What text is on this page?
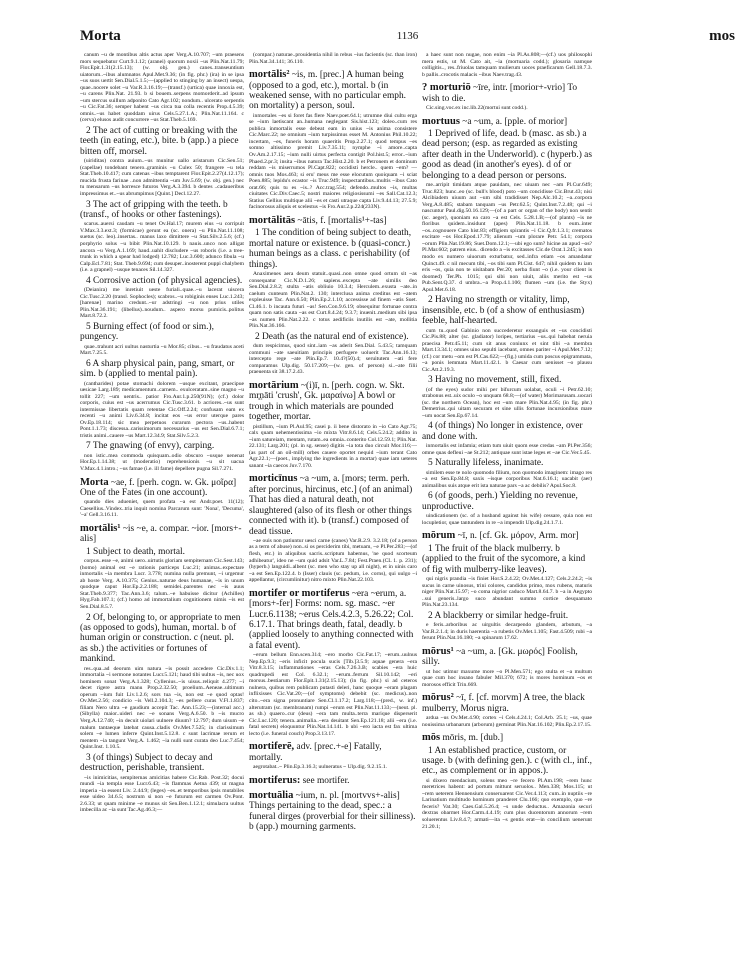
Morta	1136	mos
canum ~u de montibus altis actus aper Verg.A.10.707; ~um praesens mors sequebatur Curt.9.1.12; (aranei) quorum noxii ~us Plin.Nat.11.79; Flor.Epit.1.31(2.15.13); (w. obj. gen.) canes..transeuntium uiatorum..~ibus alumnatos Apul.Met.9.36; (in fig. phr.) (ira) in se ipsa ~us suos uertit Sen.Dial.5.1.5;—(applied to stinging by an insect) uespa, quae..nocere solet ~u Var.R.3.16.19;—(transf.) (urtica) quae innoxia est, ~u carens Plin.Nat. 21.93. b si bouem..serpens momorderit..ad ipsum ~um stercus suillum adponito Cato Agr.102; nondum.. ulcerato serpentis ~u Cic.Fat.36; semper habent ~us circa tua colla recentis Prop.4.5.39; omnis..~us habet quoddam uirus Cels.5.27.1.A.; Plin.Nat.11.164. c (cerva) elusos audit concurrere ~us Stat.Theb.5.169.
2 The act of cutting or breaking with the teeth (in eating, etc.), bite. b (app.) a piece bitten off, morsel.
(uiriditas) contra auium..~us munitur uallo aristarum Cic.Sen.51; (capellae) tondebant tenero..graminis ~u Culex 50; frangere ~u tela Stat.Theb.10.417; cum catenas ~ibus temptarent Flor.Epit.2.27(4.12.17); mucida frusta farinae ..non admittentia ~um Juv.5.69; (w. obj. gen.) nec tu mensarum ~us horresce futuros Verg.A.3.394. b dentes ..cadaueribus impressimus et..~us abrumpimus [Quint.] Decl.12.27.
3 The act of gripping with the teeth. b (transf., of hooks or other fastenings).
scarus..auersi caudam ~u tenet Ov.Hal.17; murem eius ~u corripuit V.Max.3.3.ext.3; (formicae) gerunt ea (sc. onera) ~u Plin.Nat.11.108; suetus (sc. leo)..insertas.. manus laxo dimittere ~u Stat.Silv.2.5.6; (cf.) porphyrio solus ~u bibit Plin.Nat.10.129. b nauis..unco non alligat ancora ~u Verg.A.1.169; haud..uahit discludere ~us roboris (i.e. a tree-trunk in which a spear had lodged) 12.782; Luc.3.600; adunco fibula ~u Calp.Ecl.7.81; Stat. Theb.9.694; cum desuper..inosterent puppi chalybem (i.e. a grapnel) ~usque tenaces Sil.14.327.
4 Corrosive action (of physical agencies).
(Deianira) me inretiuit ueste furiali..quae..~u lacerat uiscera Cic.Tusc.2.20 (transl. Sophocles); scabros..~u robiginis enses Luc.1.243; [harenae] marino credunt..~ur adstringi ~u non prius utiles Plin.Nat.36.191; (libellus)..noudum.. aspero morsu pumicis..politus Mart.8.72.2.
5 Burning effect (of food or sim.), pungency.
quae..trahunt acri uultus nasturtia ~u Mor.85; cibus.. ~u fraudatus aceti Mart.7.25.5.
6 A sharp physical pain, pang, smart, or sim. b (applied to mental pain).
(cantharides) potae stomachi dolorem ~usque excitant, praecipue uesicae Larg.189; medicamentum..carnem.. exulceratam..sine magno ~u tollit 227; ~um uentris.. patior Fro.Aur.1.p.250(91N); (cf.) dolor corporis, cuius est ~us acerrumus Cic.Tusc.3.61. b acriores..~us sunt intermissae libertatis quam retentae Cic.Off.2.24; confusam eam ex recenti ~u animi Liv.6.34.8; incitat eos ~us error uterque pares Ov.Ep.18.114; sic mea perpetuos curarum pectora ~us..habent Pont.1.1.73; discessa..carissimorum necessarius ~us est Sen.Dial.6.7.1; tristis animi..cauere ~us Mart.12.34.9; Stat.Silv.5.2.3.
7 The gnawing (of envy), carping.
non istic..mea commoda quisquam..odio obscuro ~usque uenenat Hor.Ep.1.14.38; ut (moderatio) reprehensionis ~u sit uacua V.Max.4.1.intro.; ~us famae (i.e. ill fame) depellere pugna Sil.7.271.
Morta ~ae, f. [perh. cogn. w. Gk. μοῖρα] One of the Fates (in one account).
quando dies adueniet, quem profata ~a est Andr.poet. 11(12); Caesellius..Vindex..tria inquit nomina Parcarum sunt: 'Nona', 'Decuma', '~a' Gell.3.16.11.
mortālis¹ ~is ~e, a. compar. ~ior. [mors+-alis]
1 Subject to death, mortal.
corpus..esse ~e, animi uero..uirtutis gloriam sempiternam Cic.Sest.143; (homo) animal est ~e rationis particeps Luc.21; animas..expectare inmortalis ~ia membra Lucr. 3.778; numina nulla premunt, ~i urgemur ab hoste Verg. A.10.375; Genius..naturae deus humanae, ~is in unum quodque caput Hor.Ep.2.2.188; semidei..parentes nec ~is auus Stat.Theb.9.377; Tac.Ann.3.6; talum..~e habuisse dicitur (Achilles) Hyg.Fab.107.1; (cf.) homo ad immortalium cognitionem nimis ~is est Sen.Dial.8.5.7.
2 Of, belonging to, or appropriate to men (as opposed to gods), human, mortal. b of human origin or construction. c (neut. pl. as sb.) the activities or fortunes of mankind.
res..qua..ad deorum uim natura ~is possit accedere Cic.Div.1.1; immortalia ~i sermone notantes Lucr.5.121; haud tibi uultus ~is, nec uox hominem sonat Verg.A.1.328; Cyllenius..~is uisus..reliquit 4.277; ~i decet rigere astra manu Prop.2.32.50; proelium..Aeneae..ultimum operum ~ium fuit Liv.1.2.6; sors tua ~is, non est ~e quod optas! Ov.Met.2.56; condicio ~is Vell.2.104.3; ~es pellere curas V.Fl.1.837; filiam Nero ultra ~e gaudium accepit Tac. Ann.15.23;—(internal acc.) (Sibylla) maior..uideri nec ~e sonans Verg.A.6.50. b ~is mucro Verg.A.12.740; ~in decuit uiolari uulnere diuum? 12.797; dum uisum ~e malum tantaeque latebat causa..cladis Ov.Met.7.525; in clarissimum solem ~e lumen inferre Quint.Inst.5.12.8. c sunt lacrimae rerum et mentem ~ia tangunt Verg.A. 1.462; ~ia nulli sunt curata deo Luc.7.454; Quint.Inst. 1.10.5.
3 (of things) Subject to decay and destruction, perishable, transient.
~is inimicitias, sempiternas amicitias habere Cic.Rab. Post.32; docui mundi ~ia templa esse Lucr.6.43; ~is flammas Aetna 439; ut magna imperia ~ia essent Liv. 2.44.9; (leges) ~es..et temporibus ipsis mutabiles esse uideo 34.6.5; nostrum si non ~e futurum est carmen Ov.Pont. 2.6.33; ut quam minime ~e munus sit Sen.Ben.1.12.1; simulacra uultus imbecilla ac ~ia sunt Tac.Ag.46.3;—
(compar.) naturae..prouidentia nihil in rebus ~ius facientis (sc. than iron) Plin.Nat.34.141; 36.110.
mortālis² ~is, m. [prec.] A human being (opposed to a god, etc.), mortal. b (in weakened sense, with no particular emph. on mortality) a person, soul.
inmortales ~es si foret fas flere Naev.poet.64.1; utrumne diui cultu erga se ~ium laetiscant an..humana neglegant Sis.hist.123; doleo..cum res publica inmortalis esse debeat eam in unius ~is anima consistere Cic.Marc.22; ne omnium ~ium turpissimus esset M. Antonius Phil.10.22; incertam, ~es, funeris horam quaeritis Prop.2.27.1; quod tempus ~es somno altissimo premit Liv.7.35.11; nymphe ~i amore..capta Ov.Am.2.17.15; ~ium nulli uirtus perfecta contigit Pol.hist.5; error..~ium Phaed.2.pr.3; insita ~ibus natura Tac.Hist.2.20. b et Petronem et dominum reddam ~is miserrumos Pl.Capt.822; occidisti hercle.. quem ~em? — omnis tuos Mos.463; si eru' meus me esse elocutum quoiquam ~i sciat Poen.885; lepidu's ecastor ~is Truc.949; inspectantibus..multis ~ibus Cato orat.66; quis tu es ~is..? Acc.trag.554; defendo..multos ~is, multas ciuitates Cic.Div.Caec.5; nostri maiores religiosissumi ~es Sall.Cat.12.3; Statius Gellius multique alii ~es et casti utraque capta Liv.9.44.13; 27.5.9; facinorosus aliquis et scelestus ~is Fro.Aur.2.p.224(233N).
mortālitās ~ātis, f. [mortalis¹+-tas]
1 The condition of being subject to death, mortal nature or existence. b (quasi-concr.) human beings as a class. c perishability (of things).
Anaximenes aera deum statuit..quasi..non omne quod ortum sit ~as consequatur Cic.N.D.1.26; sapiens..excepta ~ate similis deo Sen.Dial.2.8.2; stulta ~atis obliuio 10.3.4; Herculem..exusta ~ate..in caelum cunteum Plin.Nat.2. 130; interclusa anima creditus est ~atem expleuisse Tac. Ann.6.50; Plin.Ep.2.1.10; accessisse ad finem ~atis Suet. Cl.46.1. b incauta futuri ~as! Sen.Con.9.6.19; obsequitur fortunae contra quam non satis cauta ~as est Curt.8.4.24; 9.3.7; inuenit..medium sibi ipsa ~as numen Plin.Nat.2.22. c totus aedificiis inutilis est ~ate, mollitia Plin.Nat.36.166.
2 Death (as the natural end of existence).
dum respicimus, quod sint..iam ~as aderit Sen.Dial. 5.43.5; tamquam communi ~ate saeuitiam principis perfugere uoluerit Tac.Ann.16.13; intercepto rege ~ate Plin.Ep.7. 10.4?(50).4; seruitutem ~ati fere comparamus Ulp.dig. 50.17.209;—(w. gen. of person) si..~ate filii praeuenta sit 38.17.2.43.
mortārium ~(i)ī, n. [perh. cogn. w. Skt. mr̥ṇāti 'crush', Gk. μαραίνω] A bowl or trough in which materials are pounded together, mortar.
pistillum, ~ium Pl.Aul.95; casei p. ii bene distorato in ~io Cato Agr.75; calx quam uehementissima ~io mixta Vitr.8.6.14; Cels.5.24.2; addito in ~ium satureiam, mentam, rutam..ea omnia..conterito Col.12.59.1; Plin.Nat. 22.131; Larg.201; (pl. in sg. sense) digitis ~ia tota duo circuit Mor.116;—(as part of an oil-mill) orbes cauere oportet nequid ~ium terant Cato Agr.22.1;—(poet., implying the ingredients in a mortar) quae iam ueteres sanant ~ia caecos Juv.7.170.
morticīnus ~a ~um, a. [mors; term. perh. after porcinus, hircinus, etc.] (of an animal) That has died a natural death, not slaughtered (also of its flesh or other things connected with it). b (transf.) composed of dead tissue.
~ae ouis non patiuntur uesci carne (canes) Var.R.2.9. 3.2.18; (of a person as a term of abuse) non..si os perciderim tibi, metuam, ~e Pl.Per.283;—(of flesh, etc.) in aliquibus sacris..scriptum habemus, 'ne quod scorteum adhibeatur', ideo ne ~um quid adsit Var.L.7.84; Fest.Praen.(CL 1. p. 231); (hyperb.) languidi..albent (sc. men who stay up all night), et in uinis caro ~a est Sen.Ep.122.4. b (Isser) clauis (sc. pedum, i.e. corns), qui uulgo ~i appellantur, (circumlinitur) nitro mixto Plin.Nat.22.103.
mortifer or mortiferus ~era ~erum, a. [mors+-fer] Forms: nom. sg. masc. ~er Lucr.6.1138; ~erus Cels.4.2.3, 5.26.22; Col. 6.17.1. That brings death, fatal, deadly. b (applied loosely to anything connected with a fatal event).
~erum bellum Enn.scen.314; ~ero morbo Cic.Fat.17; ~erum..uulnus Nep.Ep.9.3; ~eris inficit pocula sucis [Tib.]3.5.9; aquae genera ~era Vitr.8.3.15; inflammationes ~eras Cels.7.26.3.B; scabies ~era huic quadrupedi est Col. 6.32.1; ~erum..ferrum Sil.10.142; ~eri morsus..bestiarum Flor.Epit.1.31(2.15.13); (in fig. phr.) si ad ceteros nulnera, quibus rem publicam putasti deleri, hanc quoque ~eram plagam inflixisses Cic.Vat.20;—(of symptoms) debebit (sc. medicus)..non cito..~era signa pronuntiare Sen.Cl.1.17.2; Larg.118;—(pred., w. inf.) alterutram (sc. membranam) rumpi ~erum est Plin.Nat.11.133;—(neut. pl. as sb.) quaero..cur (deus) ~era tam multa..terra marique disperserit Cic.Luc.120; tenera..animalia..~era deuitant Sen.Ep.121.18; alii ~era (i.e. fatal secrets) eloquuntur Plin.Nat.14.141. b ubi ~ero iacta est fax ultima lecto (i.e. funeral couch) Prop.3.13.17.
mortiferē, adv. [prec.+-e] Fatally, mortally.
aegrotabat..~ Plin.Ep.3.16.3; uulneratus ~ Ulp.dig. 9.2.15.1.
mortiferus: see mortifer.
mortuālia ~ium, n. pl. [mortvvs+-alis] Things pertaining to the dead, spec.: a funeral dirges (proverbial for their silliness). b (app.) mourning garments.
a haec sunt non nugae, non enim ~ia Pl.As.808;—(cf.) uos philosophi mera estis, ut M. Cato ait, ~ia (mortuaria codd.); glosaria namque colligitis.., res..friuolas tamquam mulierum uoces praeficarum Gell.18.7.3. b pallis..crocotis malacis ~ibus Naev.trag.43.
? morturiō ~īre, intr. [morior+-vrio] To wish to die.
Cic.sing.voc.ex inc.lib.22(mortui sunt codd.).
mortuus ~a ~um, a. [pple. of morior]
1 Deprived of life, dead. b (masc. as sb.) a dead person; (esp. as regarded as existing after death in the Underworld). c (hyperb.) as good as dead (in another's eyes). d of or belonging to a dead person or persons.
me..arripit timidam atque pauidam, nec uiuam nec ~am Pl.Cur.649; Truc.823; hunc..eo (sc. bull's blood) poto ~um concidisse Cic.Brut.43; nisi Alcibiadem uiuum aut ~um sibi tradidisset Nep.Alc.10.2; ~a..corpora Verg.A.8.485; stabam tanquam ~us Petr.62.5; Quint.Inst.7.2.48; qui ~i nascuntur Paul.dig.50.16.129;—(of a part or organ of the body) non sentit (sc. aeger), quoniam ea caro ~a est Cels. 5.28.1.B;—(of plants) ~is ne floribus quidem..insidunt (apes) Plin.Nat.11.18. b eum..inter ~os..cognouere Cato hist.83; effigiem spirantis ~i Cic.Q.fr.1.3.1; crematos excitare ~os Hor.Epod.17.79; alienum ~um plorare Petr. 54.1; corpora ~orum Plin.Nat.19.86; Suet.Dom.12.1;—ubi ego sum? hicine an apud ~os? Pl.Mar.602; patrem eius.. dicendo a ~is excitasses Cic.de Orat.1.245; is non modo ex numero uiuorum exturbatur, sed..infra etiam ~os amandatur Quinct.49. c nil mecum tibi, ~os tibi sum Pl.Cist. 647; nihil quidem tu iam eris ~os, quia non te uisitabam Per.20; uerba fiunt ~o (i.e. your client is doomed) Ter.Ph. 1015; qui sibi non uiuit, aliis merito est ~us Pub.Sent.Q.37. d umbra..~a Prop.4.1.106; flumen ~um (i.e. the Styx) Apul.Met.6.18.
2 Having no strength or vitality, limp, insensible, etc. b (of a show of enthusiasm) feeble, half-hearted.
cum tu..quod Gabinio non succederetur exsanguis et ~us concidisti Cic.Pis.88; alter (sc. gladiator) loripes, tertiarius ~us..qui habebat neruia praecisa Petr.45.11; cum sit anus coniunx et sint tibi ~a membra Mart.13.34.1; omnes uino sepulti iacebant, omnes pariter ~i Apul.Met.7.12; (cf.) cor metu ~om est Pl.Cas.622;—(fig.) umida cum poscus epigrammata, ~a ponis lemmata Mart.11.42.1. b Caesar cum uenisset ~o plausu Cic.Att.2.19.3.
3 Having no movement, still, fixed.
(of the eyes) sudor mihi per bifurcum uolabat, oculi ~i Petr.62.10; strabonus est..uix oculo ~o unquam 68.8;—(of water) Morimarusam..uocari (sc. the northern Ocean), hoc est ~um mare Plin.Nat.4.95; (in fig. phr.) Demetrius..qui uitam securam et sine ullis fortunae incursionibus mare ~um uocat Sen.Ep.67.14.
4 (of things) No longer in existence, over and done with.
inmortalis est infamia; etiam tum uiuit quom esse credas ~am Pl.Per.356; omne quas defleui ~ae St.212; antiquae sunt istae leges et ~ae Cic.Ver.5.45.
5 Naturally lifeless, inanimate.
similem esse te nolo quomodo filium, non quomodo imaginem: imago res ~a est Sen.Ep.84.8; saxis ~isque corporibus Nat.6.16.1; uacabit (aer) animalibus suis atque erit ista naturae pars ~a ac debilis? Apul.Soc.8.
6 (of goods, perh.) Yielding no revenue, unproductive.
uindicationem (sc. of a husband against his wife) cessare, quia non est locupletior, quae tantundem in re ~a impendit Ulp.dig.24.1.7.1.
mōrum ~ī, n. [cf. Gk. μόρον, Arm. mor]
1 The fruit of the black mulberry. b (applied to the fruit of the sycomore, a kind of fig with mulberry-like leaves).
qui nigris prandia ~is finiet Hor.S.2.4.22; Ov.Met.4.127; Cels.2.24.2; ~is sucus in carne uinosus, trini colores, candidus primo, mox rubens, maturis niger Plin.Nat.15.97; ~o coma nigrior caduco Mart.8.64.7. b ~a in Aegypto ..sui generis..largo suco abundant summo cortice desquamato Plin.Nat.23.134.
2 A blackberry or similar hedge-fruit.
e feris..arboribus ac uirgultis decarpendo glandem, arbutum, ~a Var.R.2.1.4; in duris haerentia ~a rubetis Ov.Met.1.105; Fast.4.509; rubi ~a ferunt Plin.Nat.16.180; ~a spinarum 17.62.
mōrus¹ ~a ~um, a. [Gk. μωρός] Foolish, silly.
ut hoc utimur maxume more ~o Pl.Men.571; ego stulta et ~a multum quae cum hoc insano fabuler Mil.370; 672; is mores hominum ~os et morosos efficit Trin.669.
mōrus² ~ī, f. [cf. morvm] A tree, the black mulberry, Morus nigra.
ardua ~us Ov.Met.4.90; cortex ~i Cels.4.24.1; Col.Arb. 25.1; ~us, quae nouissima urbanarum (arborum) germinat Plin.Nat.16.102; Plin.Ep.2.17.15.
mōs mōris, m. [dub.]
1 An established practice, custom, or usage. b (with defining gen.). c (with cl., inf., etc., as complement or in appos.).
si dixero mendacium, solens meo ~re fecero Pl.Am.198; ~rem hunc meretrices habent: ad portum mittunt seruolos.. Men.338; Mos.115; ut ~rem ueterem Hennensium conseruarent Cic.Ver.4.113; cum..in nuptiis ~re Larinatium multitudo hominum pranderet Clu.166; quo exemplo, quo ~re feceris? Vat.30; Caes.Gal.5.26.4; ~s unde deductus.. Amazonia securi dextras obarmet Hor.Carm.4.4.19; cum plus ducentorum annorum ~rem soluerentus Liv.8.4.7; armati—ita ~s gentis erat—in concilium uenerunt 21.20.1;
